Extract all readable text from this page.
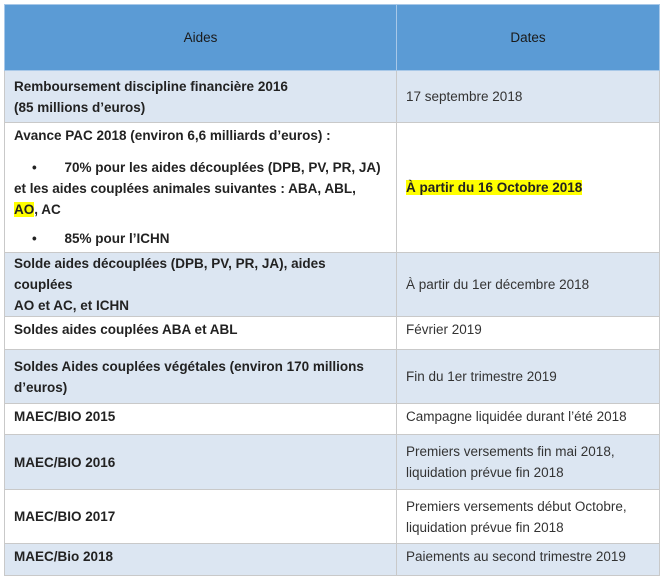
Aides	Dates

Remboursement discipline financière 2016
(85 millions d’euros)	17 septembre 2018

Avance PAC 2018 (environ 6,6 milliards d’euros) :
• 70% pour les aides découplées (DPB, PV, PR, JA)
et les aides couplées animales suivantes : ABA, ABL,
AO, AC
• 85% pour l’ICHN	À partir du 16 Octobre 2018

Solde aides découplées (DPB, PV, PR, JA), aides couplées
AO et AC, et ICHN	À partir du 1er décembre 2018
Soldes aides couplées ABA et ABL	Février 2019

Soldes Aides couplées végétales (environ 170 millions
d’euros)	Fin du 1er trimestre 2019
MAEC/BIO 2015	Campagne liquidée durant l’été 2018
MAEC/BIO 2016	Premiers versements fin mai 2018,
liquidation prévue fin 2018

MAEC/BIO 2017	Premiers versements début Octobre,
liquidation prévue fin 2018

MAEC/Bio 2018	Paiements au second trimestre 2019
